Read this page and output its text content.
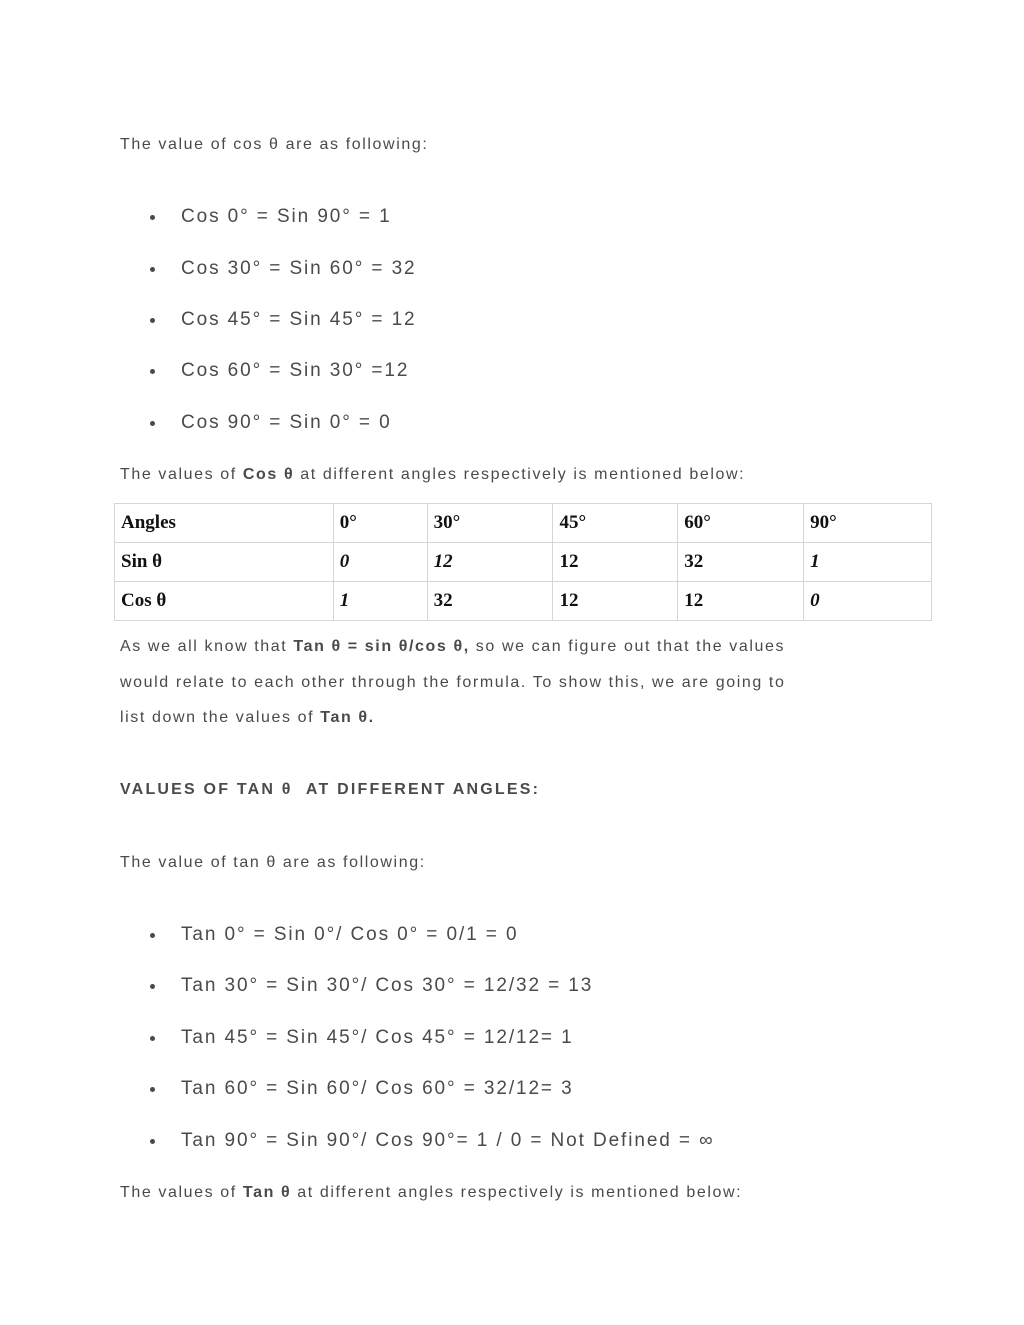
The value of cos θ are as following:

Cos 0° = Sin 90° = 1
Cos 30° = Sin 60° = 32
Cos 45° = Sin 45° = 12
Cos 60° = Sin 30° =12
Cos 90° = Sin 0° = 0

The values of Cos θ at different angles respectively is mentioned below:

Angles	0°	30°	45°	60°	90°
Sin θ	0	12	12	32	1
Cos θ	1	32	12	12	0

As we all know that Tan θ = sin θ/cos θ, so we can figure out that the values

would relate to each other through the formula. To show this, we are going to

list down the values of Tan θ.

VALUES OF TAN θ  AT DIFFERENT ANGLES:

The value of tan θ are as following:

Tan 0° = Sin 0°/ Cos 0° = 0/1 = 0
Tan 30° = Sin 30°/ Cos 30° = 12/32 = 13
Tan 45° = Sin 45°/ Cos 45° = 12/12= 1
Tan 60° = Sin 60°/ Cos 60° = 32/12= 3
Tan 90° = Sin 90°/ Cos 90°= 1 / 0 = Not Defined = ∞

The values of Tan θ at different angles respectively is mentioned below:
